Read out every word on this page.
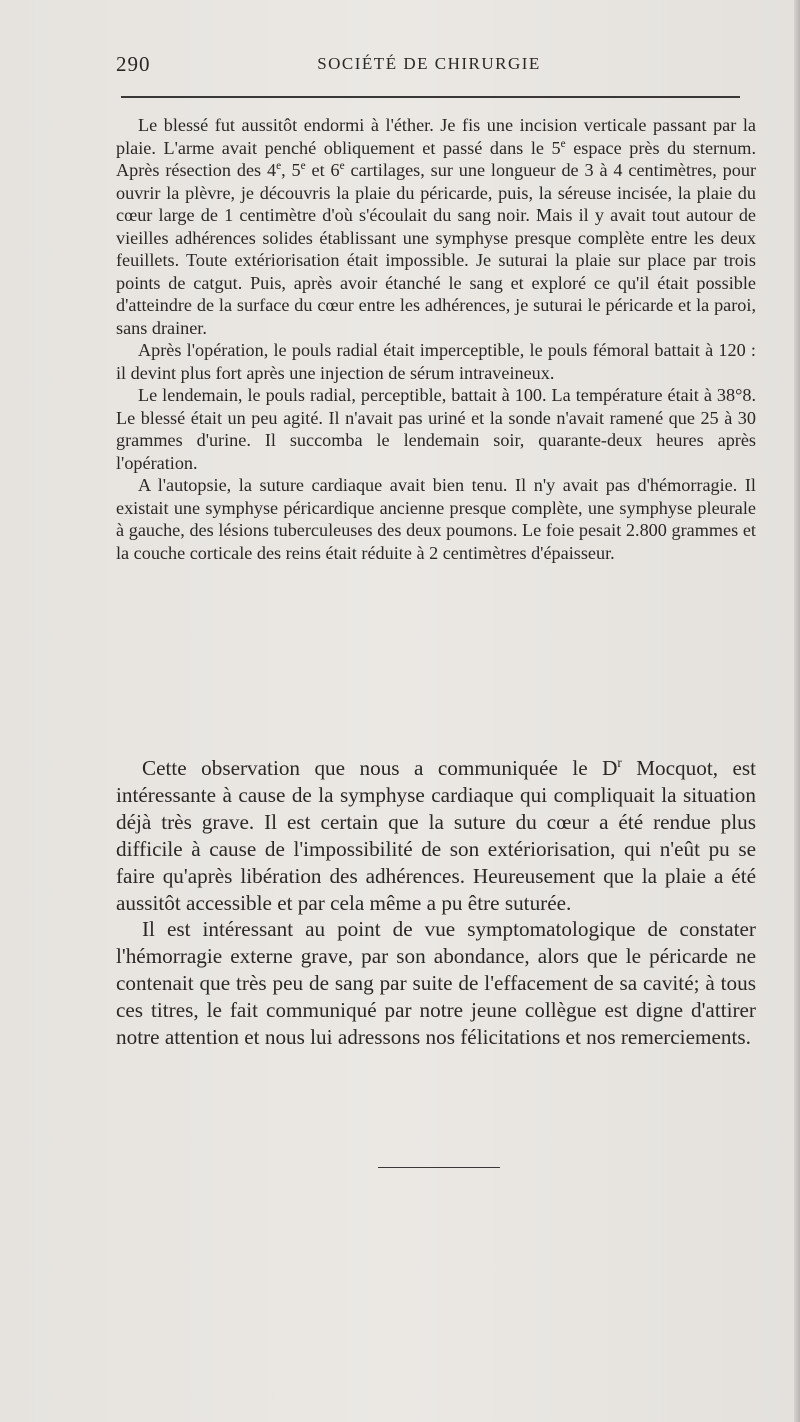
290	SOCIÉTÉ DE CHIRURGIE

Le blessé fut aussitôt endormi à l'éther. Je fis une incision verticale passant par la plaie. L'arme avait penché obliquement et passé dans le 5e espace près du sternum. Après résection des 4e, 5e et 6e cartilages, sur une longueur de 3 à 4 centimètres, pour ouvrir la plèvre, je découvris la plaie du péricarde, puis, la séreuse incisée, la plaie du cœur large de 1 centimètre d'où s'écoulait du sang noir. Mais il y avait tout autour de vieilles adhérences solides établissant une symphyse presque complète entre les deux feuillets. Toute extériorisation était impossible. Je suturai la plaie sur place par trois points de catgut. Puis, après avoir étanché le sang et exploré ce qu'il était possible d'atteindre de la surface du cœur entre les adhérences, je suturai le péricarde et la paroi, sans drainer.

Après l'opération, le pouls radial était imperceptible, le pouls fémoral battait à 120 : il devint plus fort après une injection de sérum intraveineux.

Le lendemain, le pouls radial, perceptible, battait à 100. La température était à 38°8. Le blessé était un peu agité. Il n'avait pas uriné et la sonde n'avait ramené que 25 à 30 grammes d'urine. Il succomba le lendemain soir, quarante-deux heures après l'opération.

A l'autopsie, la suture cardiaque avait bien tenu. Il n'y avait pas d'hémorragie. Il existait une symphyse péricardique ancienne presque complète, une symphyse pleurale à gauche, des lésions tuberculeuses des deux poumons. Le foie pesait 2.800 grammes et la couche corticale des reins était réduite à 2 centimètres d'épaisseur.

Cette observation que nous a communiquée le $D^r$ Mocquot, est intéressante à cause de la symphyse cardiaque qui compliquait la situation déjà très grave. Il est certain que la suture du cœur a été rendue plus difficile à cause de l'impossibilité de son extériorisation, qui n'eût pu se faire qu'après libération des adhérences. Heureusement que la plaie a été aussitôt accessible et par cela même a pu être suturée.

Il est intéressant au point de vue symptomatologique de constater l'hémorragie externe grave, par son abondance, alors que le péricarde ne contenait que très peu de sang par suite de l'effacement de sa cavité; à tous ces titres, le fait communiqué par notre jeune collègue est digne d'attirer notre attention et nous lui adressons nos félicitations et nos remerciements.
